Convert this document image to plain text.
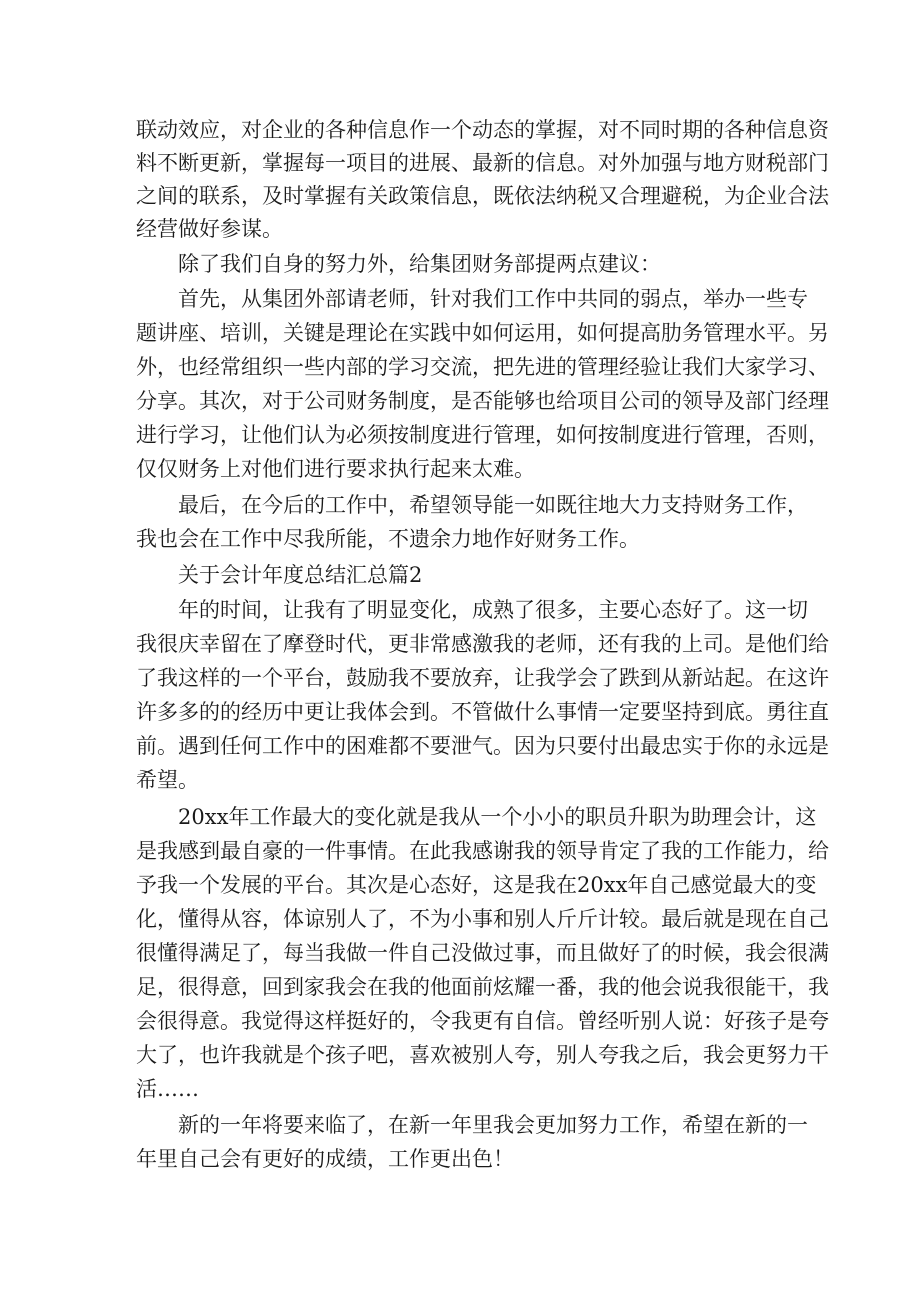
联动效应，对企业的各种信息作一个动态的掌握，对不同时期的各种信息资

料不断更新，掌握每一项目的进展、最新的信息。对外加强与地方财税部门

之间的联系，及时掌握有关政策信息，既依法纳税又合理避税，为企业合法

经营做好参谋。

除了我们自身的努力外，给集团财务部提两点建议：

首先，从集团外部请老师，针对我们工作中共同的弱点，举办一些专

题讲座、培训，关键是理论在实践中如何运用，如何提高肋务管理水平。另

外，也经常组织一些内部的学习交流，把先进的管理经验让我们大家学习、

分享。其次，对于公司财务制度，是否能够也给项目公司的领导及部门经理

进行学习，让他们认为必须按制度进行管理，如何按制度进行管理，否则，

仅仅财务上对他们进行要求执行起来太难。

最后，在今后的工作中，希望领导能一如既往地大力支持财务工作，

我也会在工作中尽我所能，不遗余力地作好财务工作。

关于会计年度总结汇总篇2

年的时间，让我有了明显变化，成熟了很多，主要心态好了。这一切

我很庆幸留在了摩登时代，更非常感激我的老师，还有我的上司。是他们给

了我这样的一个平台，鼓励我不要放弃，让我学会了跌到从新站起。在这许

许多多的的经历中更让我体会到。不管做什么事情一定要坚持到底。勇往直

前。遇到任何工作中的困难都不要泄气。因为只要付出最忠实于你的永远是

希望。

20xx年工作最大的变化就是我从一个小小的职员升职为助理会计，这

是我感到最自豪的一件事情。在此我感谢我的领导肯定了我的工作能力，给

予我一个发展的平台。其次是心态好，这是我在20xx年自己感觉最大的变

化，懂得从容，体谅别人了，不为小事和别人斤斤计较。最后就是现在自己

很懂得满足了，每当我做一件自己没做过事，而且做好了的时候，我会很满

足，很得意，回到家我会在我的他面前炫耀一番，我的他会说我很能干，我

会很得意。我觉得这样挺好的，令我更有自信。曾经听别人说：好孩子是夸

大了，也许我就是个孩子吧，喜欢被别人夸，别人夸我之后，我会更努力干

活……

新的一年将要来临了，在新一年里我会更加努力工作，希望在新的一

年里自己会有更好的成绩，工作更出色！
